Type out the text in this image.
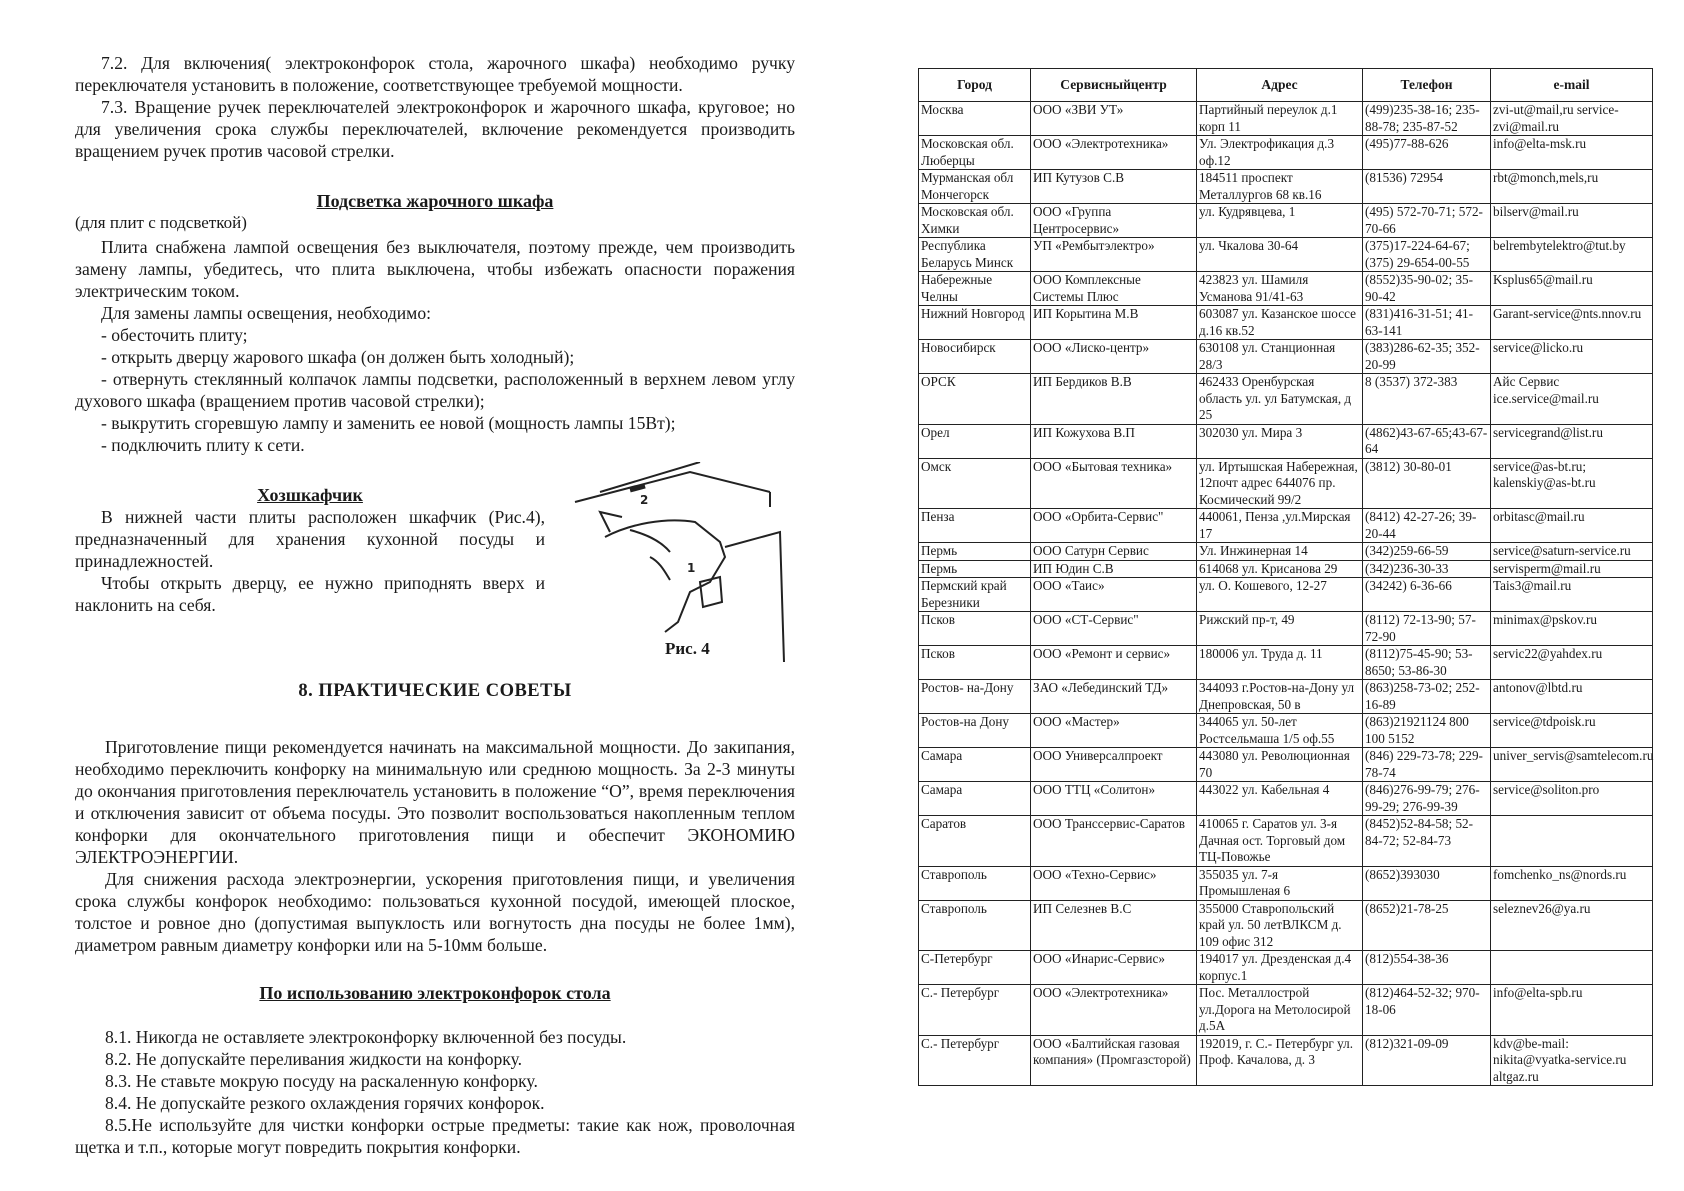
7.2. Для включения( электроконфорок стола, жарочного шкафа) необходимо ручку переключателя установить в положение, соответствующее требуемой мощности.

7.3. Вращение ручек переключателей электроконфорок и жарочного шкафа, круговое; но для увеличения срока службы переключателей, включение рекомендуется производить вращением ручек против часовой стрелки.

Подсветка жарочного шкафа

(для плит с подсветкой)

Плита снабжена лампой освещения без выключателя, поэтому прежде, чем производить замену лампы, убедитесь, что плита выключена, чтобы избежать опасности поражения электрическим током.

Для замены лампы освещения, необходимо:

- обесточить плиту;

- открыть дверцу жарового шкафа (он должен быть холодный);

- отвернуть стеклянный колпачок лампы подсветки, расположенный в верхнем левом углу духового шкафа (вращением против часовой стрелки);

- выкрутить сгоревшую лампу и заменить ее новой (мощность лампы 15Вт);

- подключить плиту к сети.

Хозшкафчик

В нижней части плиты расположен шкафчик (Рис.4), предназначенный для хранения кухонной посуды и принадлежностей.

Чтобы открыть дверцу, ее нужно приподнять вверх и наклонить на себя.

2
1
Рис. 4

8. ПРАКТИЧЕСКИЕ СОВЕТЫ

Приготовление пищи рекомендуется начинать на максимальной мощности. До закипания, необходимо переключить конфорку на минимальную или среднюю мощность. За 2-3 минуты до окончания приготовления переключатель установить в положение “О”, время переключения и отключения зависит от объема посуды. Это позволит воспользоваться накопленным теплом конфорки для окончательного приготовления пищи и обеспечит ЭКОНОМИЮ ЭЛЕКТРОЭНЕРГИИ.

Для снижения расхода электроэнергии, ускорения приготовления пищи, и увеличения срока службы конфорок необходимо: пользоваться кухонной посудой, имеющей плоское, толстое и ровное дно (допустимая выпуклость или вогнутость дна посуды не более 1мм), диаметром равным диаметру конфорки или на 5-10мм больше.

По использованию электроконфорок стола

8.1. Никогда не оставляете электроконфорку включенной без посуды.

8.2. Не допускайте переливания жидкости на конфорку.

8.3. Не ставьте мокрую посуду на раскаленную конфорку.

8.4. Не допускайте резкого охлаждения горячих конфорок.

8.5.Не используйте для чистки конфорки острые предметы: такие как нож, проволочная щетка и т.п., которые могут повредить покрытия конфорки.

Город	Сервисныйцентр	Адрес	Телефон	e-mail
Москва	ООО «ЗВИ УТ»	Партийный переулок д.1 корп 11	(499)235-38-16; 235-88-78; 235-87-52	zvi-ut@mail,ru service-zvi@mail.ru
Московская обл. Люберцы	ООО «Электротехника»	Ул. Электрофикация д.3 оф.12	(495)77-88-626	info@elta-msk.ru
Мурманская обл Мончегорск	ИП Кутузов С.В	184511 проспект Металлургов 68 кв.16	(81536) 72954	rbt@monch,mels,ru
Московская обл. Химки	ООО «Группа Центросервис»	ул. Кудрявцева, 1	(495) 572-70-71; 572-70-66	bilserv@mail.ru
Республика Беларусь Минск	УП «Рембытэлектро»	ул. Чкалова 30-64	(375)17-224-64-67; (375) 29-654-00-55	belrembytelektro@tut.by
Набережные Челны	ООО Комплексные Системы Плюс	423823 ул. Шамиля Усманова 91/41-63	(8552)35-90-02; 35-90-42	Ksplus65@mail.ru
Нижний Новгород	ИП Корытина М.В	603087 ул. Казанское шоссе д.16 кв.52	(831)416-31-51; 41-63-141	Garant-service@nts.nnov.ru
Новосибирск	ООО «Лиско-центр»	630108 ул. Станционная 28/3	(383)286-62-35; 352-20-99	service@licko.ru
ОРСК	ИП Бердиков В.В	462433 Оренбурская область ул. ул Батумская, д 25	8 (3537) 372-383	Айс Сервис ice.service@mail.ru
Орел	ИП Кожухова В.П	302030 ул. Мира 3	(4862)43-67-65;43-67-64	servicegrand@list.ru
Омск	ООО «Бытовая техника»	ул. Иртышская Набережная, 12почт адрес 644076 пр. Космический 99/2	(3812) 30-80-01	service@as-bt.ru; kalenskiy@as-bt.ru
Пенза	ООО «Орбита-Сервис"	440061, Пенза ,ул.Мирская 17	(8412) 42-27-26; 39-20-44	orbitasc@mail.ru
Пермь	ООО Сатурн Сервис	Ул. Инжинерная 14	(342)259-66-59	service@saturn-service.ru
Пермь	ИП Юдин С.В	614068 ул. Крисанова 29	(342)236-30-33	servisperm@mail.ru
Пермский край Березники	ООО «Таис»	ул. О. Кошевого, 12-27	(34242) 6-36-66	Tais3@mail.ru
Псков	ООО «СТ-Сервис"	Рижский пр-т, 49	(8112) 72-13-90; 57-72-90	minimax@pskov.ru
Псков	ООО «Ремонт и сервис»	180006 ул. Труда д. 11	(8112)75-45-90; 53-8650; 53-86-30	servic22@yahdex.ru
Ростов- на-Дону	ЗАО «Лебединский ТД»	344093 г.Ростов-на-Дону ул Днепровская, 50 в	(863)258-73-02; 252-16-89	antonov@lbtd.ru
Ростов-на Дону	ООО «Мастер»	344065 ул. 50-лет Ростсельмаша 1/5 оф.55	(863)21921124 800 100 5152	service@tdpoisk.ru
Самара	ООО Универсалпроект	443080 ул. Революционная 70	(846) 229-73-78; 229-78-74	univer_servis@samtelecom.ru
Самара	ООО ТТЦ «Солитон»	443022 ул. Кабельная 4	(846)276-99-79; 276-99-29; 276-99-39	service@soliton.pro
Саратов	ООО Транссервис-Саратов	410065 г. Саратов ул. 3-я Дачная ост. Торговый дом ТЦ-Повожье	(8452)52-84-58; 52-84-72; 52-84-73	
Ставрополь	ООО «Техно-Сервис»	355035 ул. 7-я Промышленая 6	(8652)393030	fomchenko_ns@nords.ru
Ставрополь	ИП Селезнев В.С	355000 Ставропольский край ул. 50 летВЛКСМ д. 109 офис 312	(8652)21-78-25	seleznev26@ya.ru
С-Петербург	ООО «Инарис-Сервис»	194017 ул. Дрезденская д.4 корпус.1	(812)554-38-36	
С.- Петербург	ООО «Электротехника»	Пос. Металлострой ул.Дорога на Метолосирой д.5А	(812)464-52-32; 970-18-06	info@elta-spb.ru
С.- Петербург	ООО «Балтийская газовая компания» (Промгазсторой)	192019, г. С.- Петербург ул. Проф. Качалова, д. 3	(812)321-09-09	kdv@be-mail: nikita@vyatka-service.ru altgaz.ru
